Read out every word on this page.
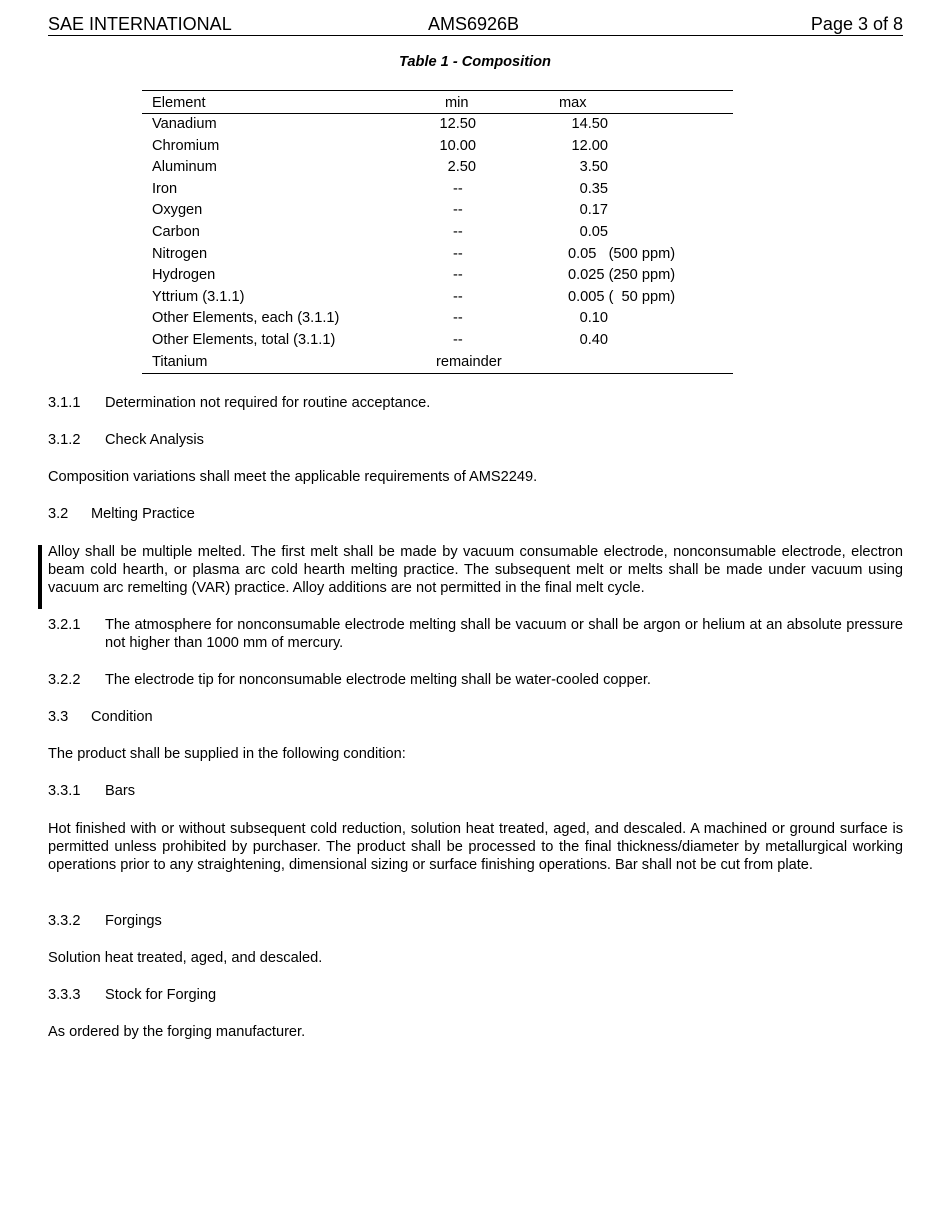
SAE INTERNATIONAL	AMS6926B	Page 3 of 8
Table 1 - Composition
Element	min	max
Vanadium	12.50	14.50
Chromium	10.00	12.00
Aluminum	2.50	3.50
Iron	--	0.35
Oxygen	--	0.17
Carbon	--	0.05
Nitrogen	--	0.05   (500 ppm)
Hydrogen	--	0.025 (250 ppm)
Yttrium (3.1.1)	--	0.005 (  50 ppm)
Other Elements, each (3.1.1)	--	0.10
Other Elements, total (3.1.1)	--	0.40
Titanium	remainder
3.1.1 Determination not required for routine acceptance.
3.1.2 Check Analysis
Composition variations shall meet the applicable requirements of AMS2249.
3.2 Melting Practice
Alloy shall be multiple melted. The first melt shall be made by vacuum consumable electrode, nonconsumable electrode, electron beam cold hearth, or plasma arc cold hearth melting practice. The subsequent melt or melts shall be made under vacuum using vacuum arc remelting (VAR) practice. Alloy additions are not permitted in the final melt cycle.
3.2.1 The atmosphere for nonconsumable electrode melting shall be vacuum or shall be argon or helium at an absolute pressure not higher than 1000 mm of mercury.
3.2.2 The electrode tip for nonconsumable electrode melting shall be water-cooled copper.
3.3 Condition
The product shall be supplied in the following condition:
3.3.1 Bars
Hot finished with or without subsequent cold reduction, solution heat treated, aged, and descaled. A machined or ground surface is permitted unless prohibited by purchaser. The product shall be processed to the final thickness/diameter by metallurgical working operations prior to any straightening, dimensional sizing or surface finishing operations. Bar shall not be cut from plate.
3.3.2 Forgings
Solution heat treated, aged, and descaled.
3.3.3 Stock for Forging
As ordered by the forging manufacturer.
